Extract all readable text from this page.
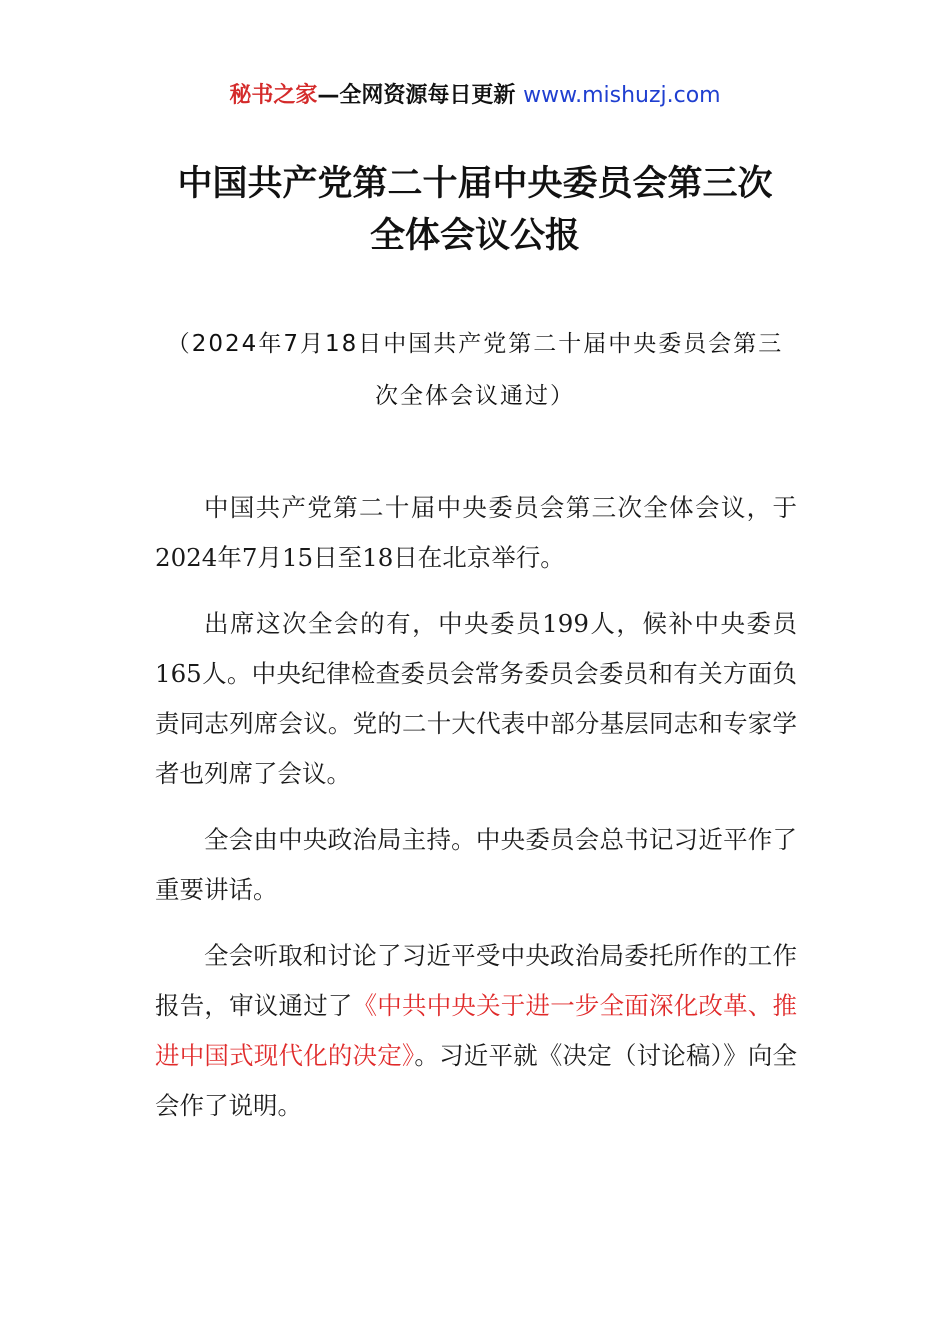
秘书之家—全网资源每日更新 www.mishuzj.com
中国共产党第二十届中央委员会第三次
全体会议公报
（2024年7月18日中国共产党第二十届中央委员会第三
次全体会议通过）

中国共产党第二十届中央委员会第三次全体会议，于2024年7月15日至18日在北京举行。

出席这次全会的有，中央委员199人，候补中央委员165人。中央纪律检查委员会常务委员会委员和有关方面负责同志列席会议。党的二十大代表中部分基层同志和专家学者也列席了会议。

全会由中央政治局主持。中央委员会总书记习近平作了重要讲话。

全会听取和讨论了习近平受中央政治局委托所作的工作报告，审议通过了《中共中央关于进一步全面深化改革、推进中国式现代化的决定》。习近平就《决定（讨论稿）》向全会作了说明。
